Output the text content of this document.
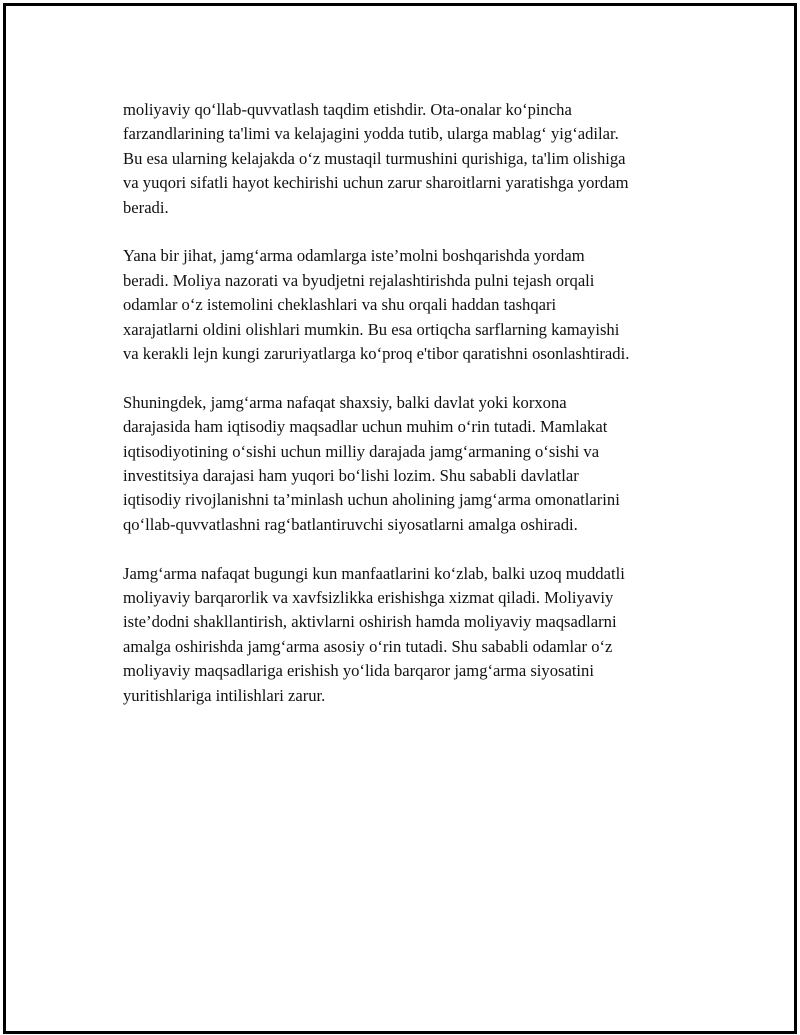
moliyaviy qo‘llab-quvvatlash taqdim etishdir. Ota-onalar ko‘pincha
farzandlarining ta'limi va kelajagini yodda tutib, ularga mablag‘ yig‘adilar.
Bu esa ularning kelajakda o‘z mustaqil turmushini qurishiga, ta'lim olishiga
va yuqori sifatli hayot kechirishi uchun zarur sharoitlarni yaratishga yordam
beradi.

Yana bir jihat, jamg‘arma odamlarga iste’molni boshqarishda yordam
beradi. Moliya nazorati va byudjetni rejalashtirishda pulni tejash orqali
odamlar o‘z istemolini cheklashlari va shu orqali haddan tashqari
xarajatlarni oldini olishlari mumkin. Bu esa ortiqcha sarflarning kamayishi
va kerakli lejn kungi zaruriyatlarga ko‘proq e'tibor qaratishni osonlashtiradi.

Shuningdek, jamg‘arma nafaqat shaxsiy, balki davlat yoki korxona
darajasida ham iqtisodiy maqsadlar uchun muhim o‘rin tutadi. Mamlakat
iqtisodiyotining o‘sishi uchun milliy darajada jamg‘armaning o‘sishi va
investitsiya darajasi ham yuqori bo‘lishi lozim. Shu sababli davlatlar
iqtisodiy rivojlanishni ta’minlash uchun aholining jamg‘arma omonatlarini
qo‘llab-quvvatlashni rag‘batlantiruvchi siyosatlarni amalga oshiradi.

Jamg‘arma nafaqat bugungi kun manfaatlarini ko‘zlab, balki uzoq muddatli
moliyaviy barqarorlik va xavfsizlikka erishishga xizmat qiladi. Moliyaviy
iste’dodni shakllantirish, aktivlarni oshirish hamda moliyaviy maqsadlarni
amalga oshirishda jamg‘arma asosiy o‘rin tutadi. Shu sababli odamlar o‘z
moliyaviy maqsadlariga erishish yo‘lida barqaror jamg‘arma siyosatini
yuritishlariga intilishlari zarur.
